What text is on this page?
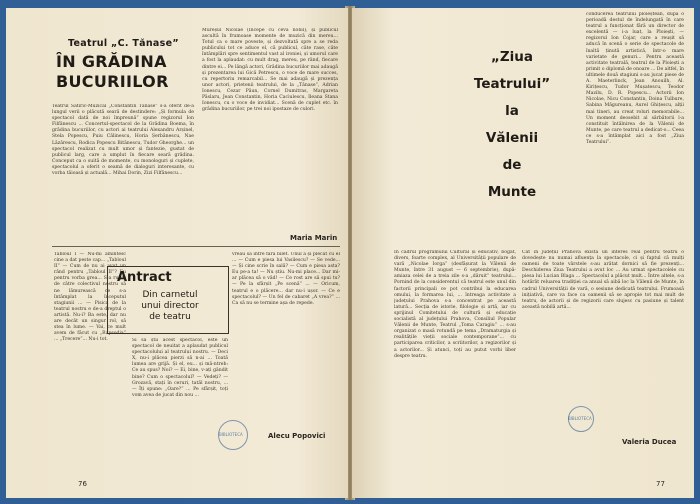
Teatrul „C. Tănase”
ÎN GRĂDINA
BUCURIILOR
Teatrul Satiric-Muzical „Constantin Tănase” s-a oferit de-a lungul verii o plăcută seară de destindere: „Și formula de spectacol dată de noi împreună” spune regizorul Ion Filfănescu ... Concertul-spectacol de la Grădina Boema, în grădina bucuriilor, cu actori ai teatrului Alexandru Arșinel, Stela Popescu, Puiu Călinescu, Horia Șerbănescu, Nae Lăzărescu, Rodica Popescu Bitănescu, Tudor Gheorghe... un spectacol realizat cu mult umor și fantezie, gustat de publicul larg, care a umplut în fiecare seară grădina. Conceput ca o suită de momente, cu monologuri și cuplete, spectacolul a oferit o seamă de dialoguri interesante, cu vorba tăioasă și actuală... Mihai Dorin, Zizi Filfănescu...
Mureșul Nicolae (Începe cu ceva nobil), și publicul ascultă în frumoase momente de muzică din mereu... Totul ca o mare poveste, și dezvoltată spre a se reda publicului tot ce aduce el, că publicul, câte rase, căte întâmplări spre sentimentul vast al ironiei, și umorul care a fost la aplaudat: cu mult drag, mereu, pe rând, fiecare dintre ei... Pe lângă actori, Grădina bucuriilor mai adaugă și prezentarea lui Gică Petrescu, o voce de mare succes, cu repertoriu remarcabil... Se mai adaugă și prezența unor actori, prietenii teatrului, de la „Tănase”, Adrian Ionescu, Cezar Păun, Cornel Dumitras, Margareta Pâslaru, Jean Constantin, Horia Caciulescu, Ileana Stana Ionescu, cu o voce de invidiat... Scenă de cuplet etc. în grădina bucuriilor, pe trei noi ipostaze de culori.
Maria Marin
Tabloul I — Nu-mi amintesc cine a dat peste cap... „Tabloul II” — Cum de nu ai avut un rând pentru „Tabloul II”? Eu pentru vorba grea... S-a rugat de către colectivul nostru să ne lămurească ce s-a întâmplat la începutul stagiunii ... — Pisica de la teatrul nostru e de-a dreptul o artistă. Nu-i? Ba este, dar nu are decât un singur rol, să stea în lume. — Vai, ce mult avem de făcut cu „Rapsodia” ... „Trecere”... Nu-i tot.
Antract
Din carnetul
unui director
de teatru
Si să știi acest spectacol, este un spectacol de neuitat a aplaudat publicul spectacolului al teatrului nostru. — Deci X, nu-i plăcea pierzi să n-ai ... Toată lumea are grijă. Și el, eu... și mă-ntreb: Ce au spus? Noi? — Ei, bine, v-ați gândit bine? Cum o spectacolul? — Vedeți? — Grozavă, stați în ceruri, tatăl nostru, ... — Îți spune: „Oare?” ... Pe sfârșit, toți vom avea de jucat din nou ...
vreau să intre fără bilet. Unul a și plecat cu el ... — Cum e piesa lui Vasilescu? — Se vede... — Și cine scrie în sală? — Cum e piesa asta? Eu pe-a ta! — Nu știu. Nu-mi place... Dar mi-ar plăcea să o văd! — Ce rost are să spui tu? — Pe la sfârșit „Pe scenă” ... — Oricum, teatrul e o plăcere... dar nu-i ușor. — Ce e spectacolul? — Un fel de cabaret „A vrea?” ... Ca să nu se termine așa de repede.
Alecu Popovici
BIBLIOTECA
76
conducerea teatrului ploieștean, după o perioadă destul de îndelungată în care teatrul a funcționat fără un director de excelentă — i-a luat, la Ploiești, — regizorul Ion Cojar, care a reușit să aducă în scenă o serie de spectacole de înaltă ținută artistică, într-o mare varietate de genuri... Pentru această activitate teatrală, teatrul de la Ploiești a primit o diplomă de onoare ... De altfel, în ultimele două stagiuni s-au jucat piese de A. Maeterlinck, Jean Anouilh, Al. Kirițescu, Tudor Mușatescu, Teodor Mazilu, D. R. Popescu... Actorii Ion Nicolae, Nicu Constantin, Doina Tulbure, Sabina Măgureanu, Aurel Ghițescu, alții mai tineri, au creat roluri memorabile... Un moment deosebit al sărbătorii l-a constituit întâlnirea de la Vălenii de Munte, pe care teatrul a dedicat-o... Ceea ce s-a întâmplat aici a fost „Ziua Teatrului”.
În cadrul programului Cultural și educativ, bogat, divers, foarte complex, al Universității populare de vară „Nicolae Iorga” (desfășurat la Vălenii de Munte, între 31 august — 6 septembrie), după-amiaza celei de a treia zile s-a „dăruit” teatrului... Pornind de la considerentul că teatrul este unul din factorii principali ce pot contribui la educarea omului, la formarea lui, ... întreaga activitate a județului Prahova s-a concentrat pe această latură... Secția de istorie, filologie și artă, iar cu sprijinul Comitetului de cultură și educație socialistă al județului Prahova, Consiliul Popular Vălenii de Munte, Teatrul „Toma Caragiu” ... s-au organizat o masă rotundă pe tema „Dramaturgia și realitățile vieții sociale contemporane”... cu participarea criticilor, a scriitorilor, a regizorilor și a actorilor... Și atunci, toți au putut vorbi liber despre teatru.
Cât în județul Prahova există un interes real pentru teatru o dovedește nu numai afluența la spectacole, ci și faptul că mulți oameni de toate vârstele s-au arătat dornici să fie prezenți... Deschiderea Ziua Teatrului a avut loc ... Au urmat spectacolele cu piesa lui Lucian Blaga ... Spectacolul a plăcut mult... Între altele, s-a hotărât reluarea tradiției ca anual să aibă loc la Vălenii de Munte, în cadrul Universității de vară, o sesiune dedicată teatrului. Frumoasă inițiativă, care va face ca oamenii să se apropie tot mai mult de teatru, de actorii și de regizorii care slujesc cu pasiune și talent această nobilă artă...
Valeria Ducea
BIBLIOTECA
77
„Ziua
Teatrului”
la
Vălenii
de
Munte
